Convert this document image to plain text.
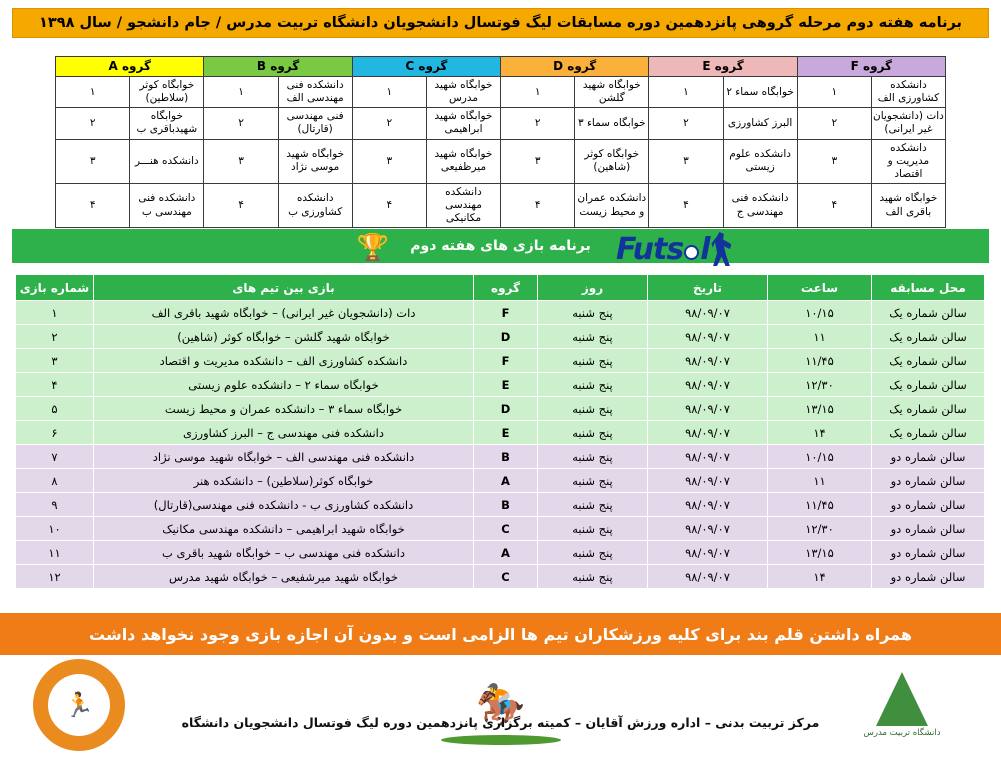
برنامه هفته دوم مرحله گروهی پانزدهمین دوره مسابقات لیگ فوتسال دانشجویان دانشگاه تربیت مدرس / جام دانشجو / سال ۱۳۹۸
گروه F		گروه E		گروه D		گروه C		گروه B		گروه A	
دانشکده کشاورزی الف	۱	خوابگاه سماء ۲	۱	خوابگاه شهید گلشن	۱	خوابگاه شهید مدرس	۱	دانشکده فنی مهندسی الف	۱	خوابگاه کوثر (سلاطین)	۱
دات (دانشجویان غیر ایرانی)	۲	البرز کشاورزی	۲	خوابگاه سماء ۳	۲	خوابگاه شهید ابراهیمی	۲	فنی مهندسی (قارتال)	۲	خوابگاه شهیدباقری ب	۲
دانشکده مدیریت و اقتصاد	۳	دانشکده علوم زیستی	۳	خوابگاه کوثر (شاهین)	۳	خوابگاه شهید میرظفیعی	۳	خوابگاه شهید موسی نژاد	۳	دانشکده هنـــر	۳
خوابگاه شهید باقری الف	۴	دانشکده فنی مهندسی ج	۴	دانشکده عمران و محیط زیست	۴	دانشکده مهندسی مکانیکی	۴	دانشکده کشاورزی ب	۴	دانشکده فنی مهندسی ب	۴
برنامه بازی های هفته دوم
🏆	Futs l
محل مسابقه	ساعت	تاریخ	روز	گروه	بازی بین تیم های	شماره بازی
سالن شماره یک	۱۰/۱۵	۹۸/۰۹/۰۷	پنج شنبه	F	دات (دانشجویان غیر ایرانی) – خوابگاه شهید باقری الف	۱
سالن شماره یک	۱۱	۹۸/۰۹/۰۷	پنج شنبه	D	خوابگاه شهید گلشن – خوابگاه کوثر (شاهین)	۲
سالن شماره یک	۱۱/۴۵	۹۸/۰۹/۰۷	پنج شنبه	F	دانشکده کشاورزی الف – دانشکده مدیریت و اقتصاد	۳
سالن شماره یک	۱۲/۳۰	۹۸/۰۹/۰۷	پنج شنبه	E	خوابگاه سماء ۲ – دانشکده علوم زیستی	۴
سالن شماره یک	۱۳/۱۵	۹۸/۰۹/۰۷	پنج شنبه	D	خوابگاه سماء ۳ – دانشکده عمران و محیط زیست	۵
سالن شماره یک	۱۴	۹۸/۰۹/۰۷	پنج شنبه	E	دانشکده فنی مهندسی ج – البرز کشاورزی	۶
سالن شماره دو	۱۰/۱۵	۹۸/۰۹/۰۷	پنج شنبه	B	دانشکده فنی مهندسی الف – خوابگاه شهید موسی نژاد	۷
سالن شماره دو	۱۱	۹۸/۰۹/۰۷	پنج شنبه	A	خوابگاه کوثر(سلاطین) – دانشکده هنر	۸
سالن شماره دو	۱۱/۴۵	۹۸/۰۹/۰۷	پنج شنبه	B	دانشکده کشاورزی ب - دانشکده فنی مهندسی(قارتال)	۹
سالن شماره دو	۱۲/۳۰	۹۸/۰۹/۰۷	پنج شنبه	C	خوابگاه شهید ابراهیمی – دانشکده مهندسی مکانیک	۱۰
سالن شماره دو	۱۳/۱۵	۹۸/۰۹/۰۷	پنج شنبه	A	دانشکده فنی مهندسی ب – خوابگاه شهید باقری ب	۱۱
سالن شماره دو	۱۴	۹۸/۰۹/۰۷	پنج شنبه	C	خوابگاه شهید میرشفیعی – خوابگاه شهید مدرس	۱۲
همراه داشتن قلم بند برای کلیه ورزشکاران تیم ها الزامی است و بدون آن اجازه بازی وجود نخواهد داشت
دانشگاه تربیت مدرس
🏇
🏃
مرکز تربیت بدنی – اداره ورزش آقایان – کمیته برگزاری پانزدهمین دوره لیگ فوتسال دانشجویان دانشگاه
